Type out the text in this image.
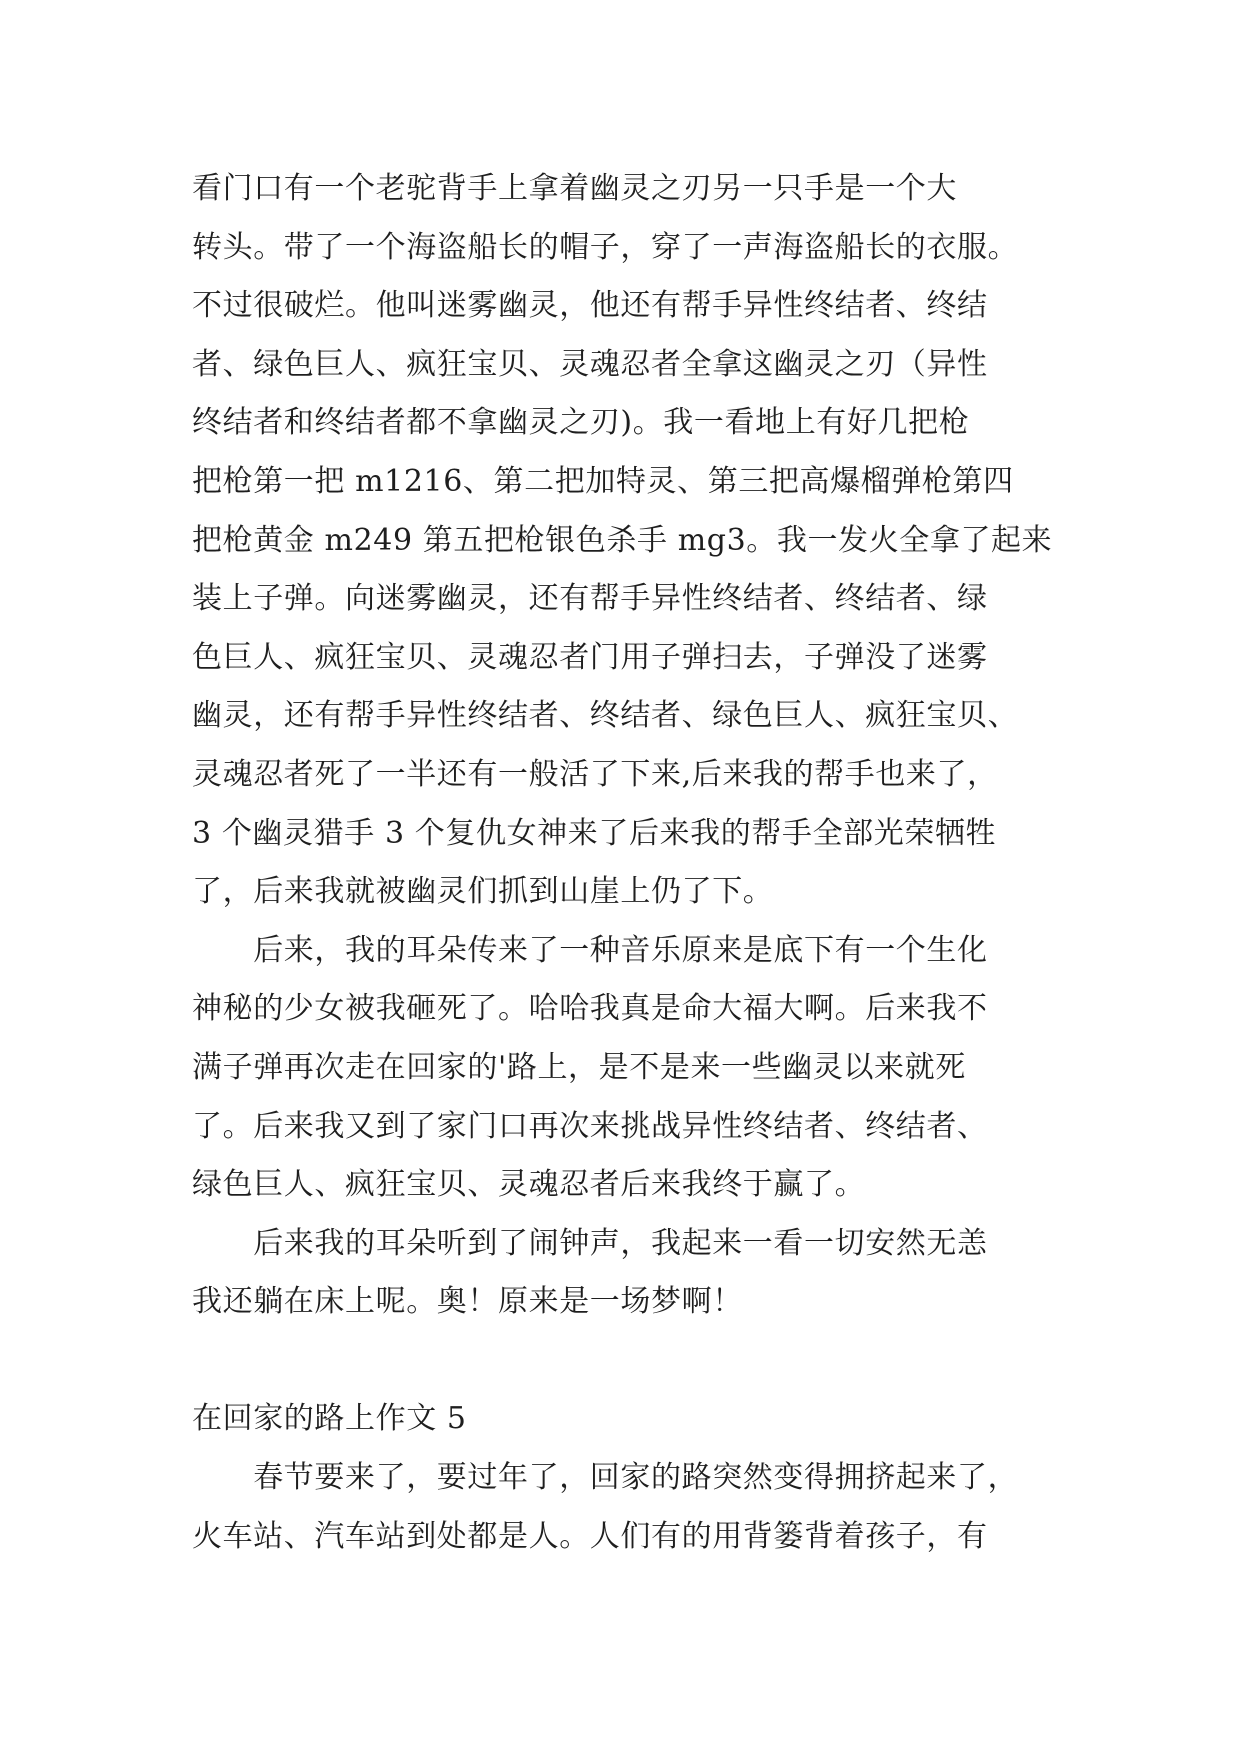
看门口有一个老驼背手上拿着幽灵之刃另一只手是一个大
转头。带了一个海盗船长的帽子，穿了一声海盗船长的衣服。
不过很破烂。他叫迷雾幽灵，他还有帮手异性终结者、终结
者、绿色巨人、疯狂宝贝、灵魂忍者全拿这幽灵之刃（异性
终结者和终结者都不拿幽灵之刃)。我一看地上有好几把枪
把枪第一把 m1216、第二把加特灵、第三把高爆榴弹枪第四
把枪黄金 m249 第五把枪银色杀手 mg3。我一发火全拿了起来
装上子弹。向迷雾幽灵，还有帮手异性终结者、终结者、绿
色巨人、疯狂宝贝、灵魂忍者门用子弹扫去，子弹没了迷雾
幽灵，还有帮手异性终结者、终结者、绿色巨人、疯狂宝贝、
灵魂忍者死了一半还有一般活了下来,后来我的帮手也来了，
3 个幽灵猎手 3 个复仇女神来了后来我的帮手全部光荣牺牲
了，后来我就被幽灵们抓到山崖上仍了下。
　　后来，我的耳朵传来了一种音乐原来是底下有一个生化
神秘的少女被我砸死了。哈哈我真是命大福大啊。后来我不
满子弹再次走在回家的'路上，是不是来一些幽灵以来就死
了。后来我又到了家门口再次来挑战异性终结者、终结者、
绿色巨人、疯狂宝贝、灵魂忍者后来我终于赢了。
　　后来我的耳朵听到了闹钟声，我起来一看一切安然无恙
我还躺在床上呢。奥！原来是一场梦啊！
在回家的路上作文 5
　　春节要来了，要过年了，回家的路突然变得拥挤起来了，
火车站、汽车站到处都是人。人们有的用背篓背着孩子，有
